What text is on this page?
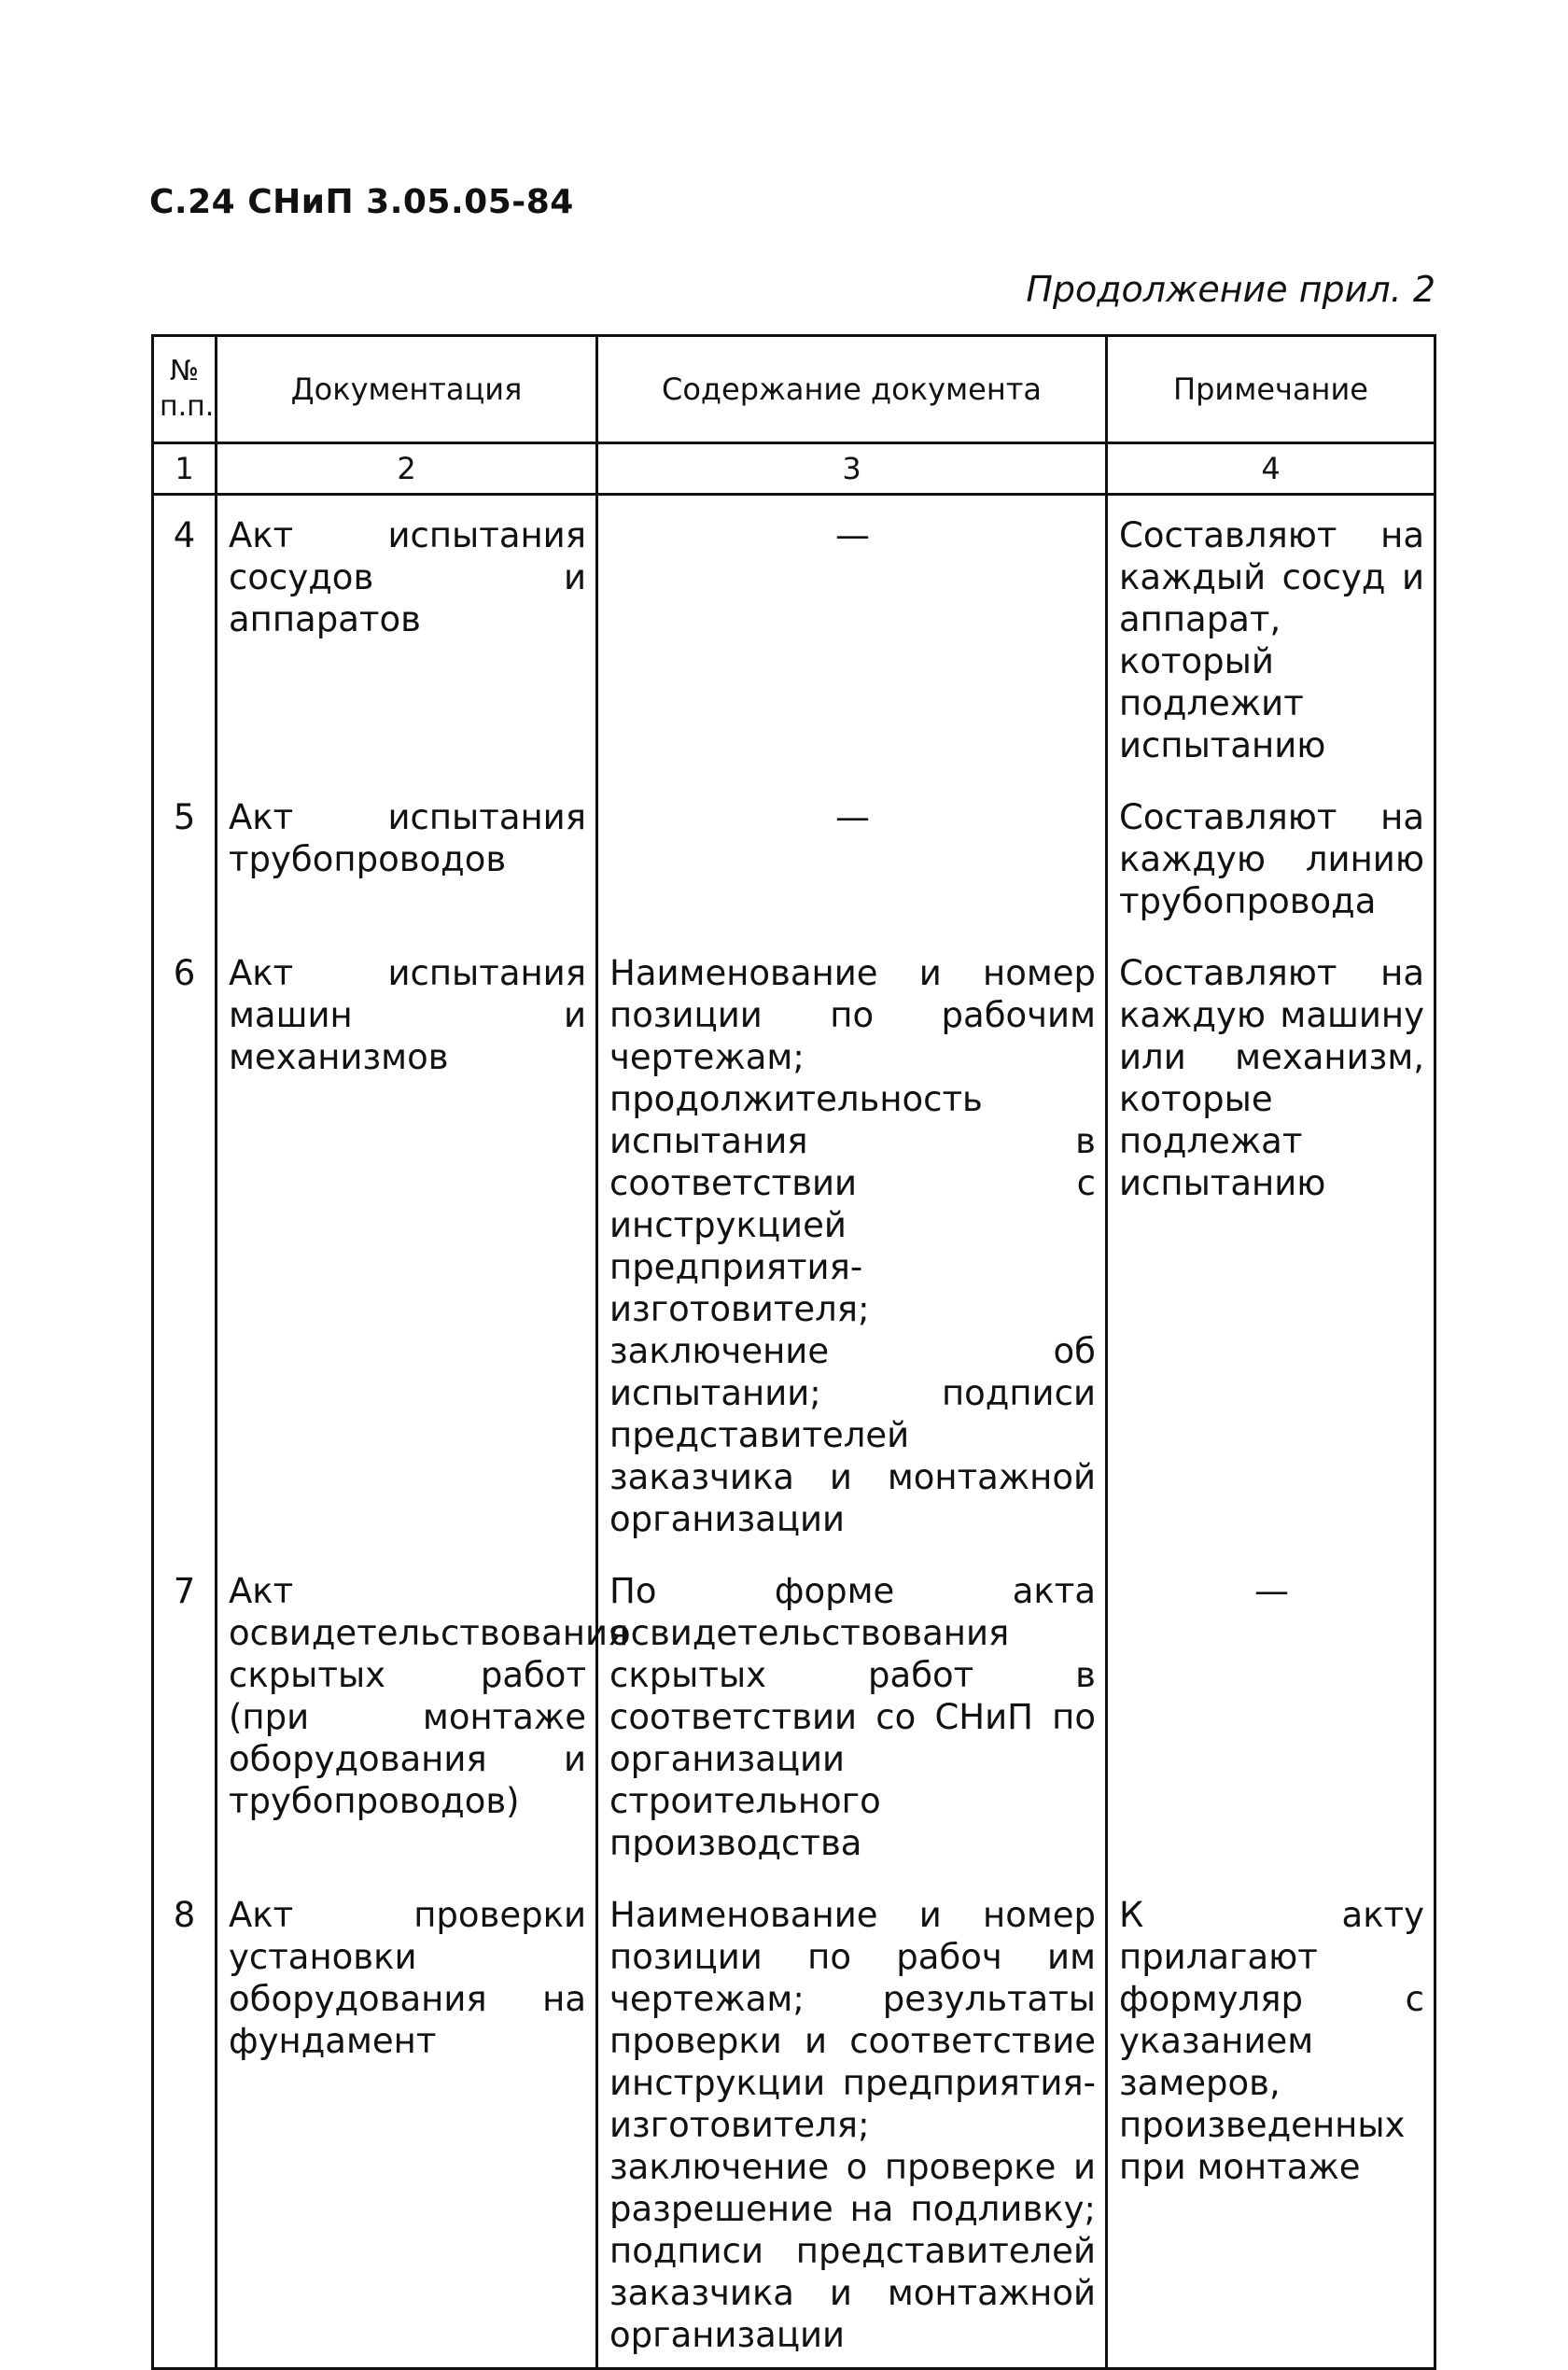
С.24 СНиП 3.05.05-84
Продолжение прил. 2
№ п.п.	Документация	Содержание документа	Примечание
1	2	3	4
4	Акт испытания сосудов и аппаратов	—	Составляют на каждый сосуд и аппарат, который подлежит испытанию
5	Акт испытания трубопроводов	—	Составляют на каждую линию трубопровода
6	Акт испытания машин и механизмов	Наименование и номер позиции по рабочим чертежам; продолжительность испытания в соответствии с инструкцией предприятия-изготовителя; заключение об испытании; подписи представителей заказчика и монтажной организации	Составляют на каждую машину или механизм, которые подлежат испытанию
7	Акт освидетельствования скрытых работ (при монтаже оборудования и трубопроводов)	По форме акта освидетельствования скрытых работ в соответствии со СНиП по организации строительного производства	—
8	Акт проверки установки оборудования на фундамент	Наименование и номер позиции по рабоч им чертежам; результаты проверки и соответствие инструкции предприятия-изготовителя; заключение о проверке и разрешение на подливку; подписи представителей заказчика и монтажной организации	К акту прилагают формуляр с указанием замеров, произведенных при монтаже
